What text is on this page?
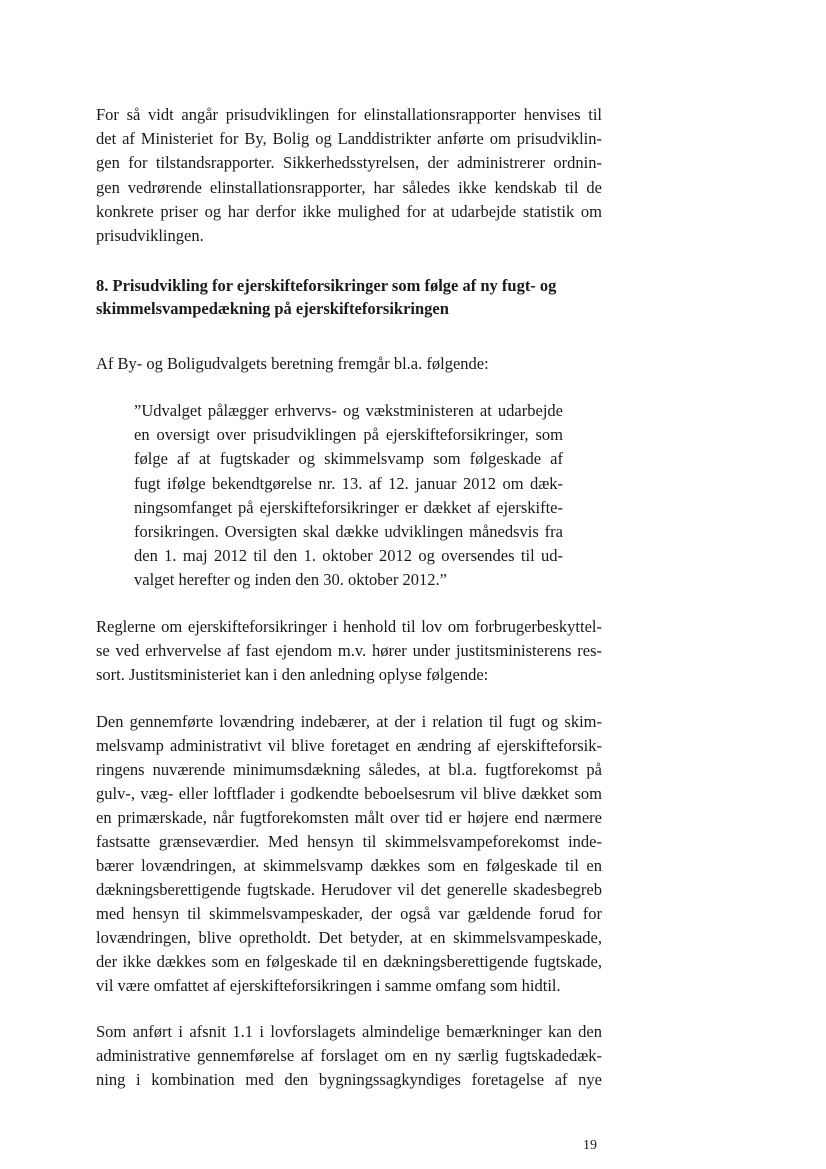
For så vidt angår prisudviklingen for elinstallationsrapporter henvises til
det af Ministeriet for By, Bolig og Landdistrikter anførte om prisudviklin-
gen for tilstandsrapporter. Sikkerhedsstyrelsen, der administrerer ordnin-
gen vedrørende elinstallationsrapporter, har således ikke kendskab til de
konkrete priser og har derfor ikke mulighed for at udarbejde statistik om
prisudviklingen.
8. Prisudvikling for ejerskifteforsikringer som følge af ny fugt- og
skimmelsvampedækning på ejerskifteforsikringen
Af By- og Boligudvalgets beretning fremgår bl.a. følgende:
”Udvalget pålægger erhvervs- og vækstministeren at udarbejde
en oversigt over prisudviklingen på ejerskifteforsikringer, som
følge af at fugtskader og skimmelsvamp som følgeskade af
fugt ifølge bekendtgørelse nr. 13. af 12. januar 2012 om dæk-
ningsomfanget på ejerskifteforsikringer er dækket af ejerskifte-
forsikringen. Oversigten skal dække udviklingen månedsvis fra
den 1. maj 2012 til den 1. oktober 2012 og oversendes til ud-
valget herefter og inden den 30. oktober 2012.”
Reglerne om ejerskifteforsikringer i henhold til lov om forbrugerbeskyttel-
se ved erhvervelse af fast ejendom m.v. hører under justitsministerens res-
sort. Justitsministeriet kan i den anledning oplyse følgende:
Den gennemførte lovændring indebærer, at der i relation til fugt og skim-
melsvamp administrativt vil blive foretaget en ændring af ejerskifteforsik-
ringens nuværende minimumsdækning således, at bl.a. fugtforekomst på
gulv-, væg- eller loftflader i godkendte beboelsesrum vil blive dækket som
en primærskade, når fugtforekomsten målt over tid er højere end nærmere
fastsatte grænseværdier. Med hensyn til skimmelsvampeforekomst inde-
bærer lovændringen, at skimmelsvamp dækkes som en følgeskade til en
dækningsberettigende fugtskade. Herudover vil det generelle skadesbegreb
med hensyn til skimmelsvampeskader, der også var gældende forud for
lovændringen, blive opretholdt. Det betyder, at en skimmelsvampeskade,
der ikke dækkes som en følgeskade til en dækningsberettigende fugtskade,
vil være omfattet af ejerskifteforsikringen i samme omfang som hidtil.
Som anført i afsnit 1.1 i lovforslagets almindelige bemærkninger kan den
administrative gennemførelse af forslaget om en ny særlig fugtskadedæk-
ning i kombination med den bygningssagkyndiges foretagelse af nye
19
